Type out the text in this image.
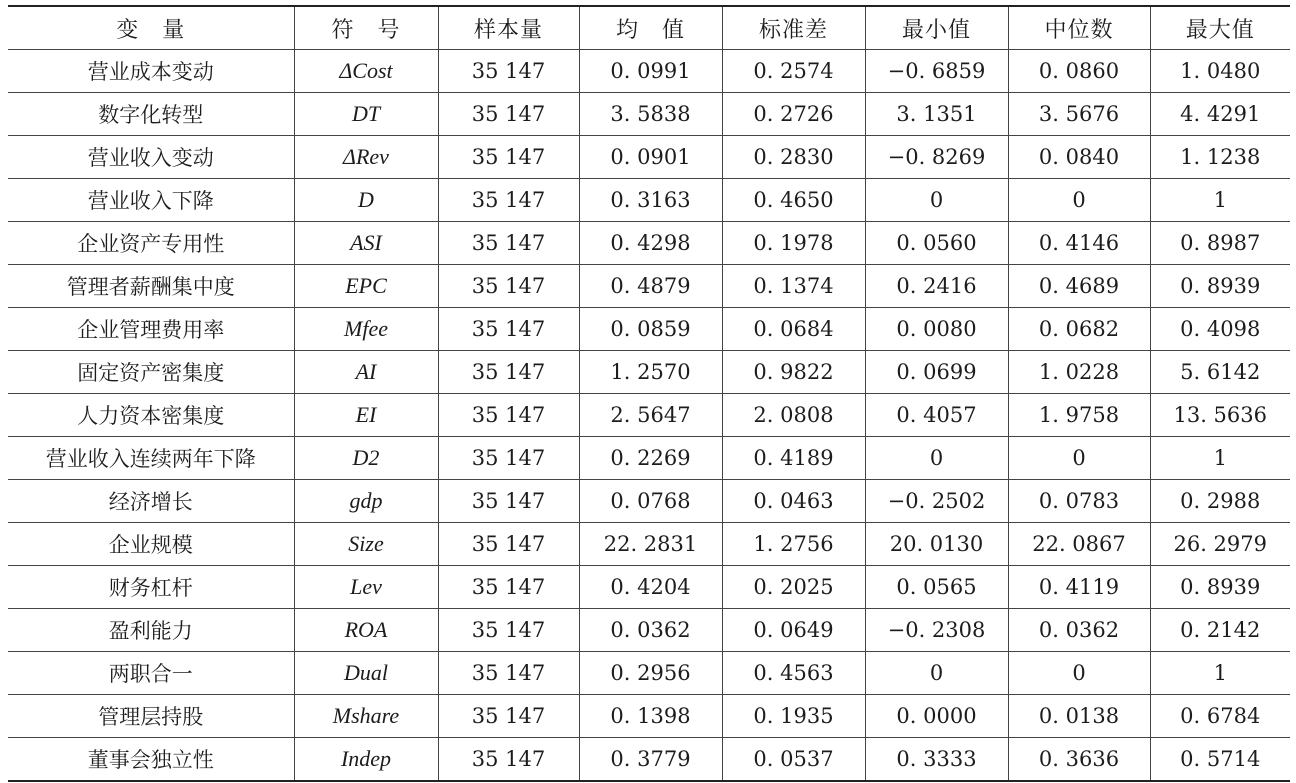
变　量	符　号	样本量	均　值	标准差	最小值	中位数	最大值
营业成本变动	ΔCost	35 147	0. 0991	0. 2574	−0. 6859	0. 0860	1. 0480
数字化转型	DT	35 147	3. 5838	0. 2726	3. 1351	3. 5676	4. 4291
营业收入变动	ΔRev	35 147	0. 0901	0. 2830	−0. 8269	0. 0840	1. 1238
营业收入下降	D	35 147	0. 3163	0. 4650	0	0	1
企业资产专用性	ASI	35 147	0. 4298	0. 1978	0. 0560	0. 4146	0. 8987
管理者薪酬集中度	EPC	35 147	0. 4879	0. 1374	0. 2416	0. 4689	0. 8939
企业管理费用率	Mfee	35 147	0. 0859	0. 0684	0. 0080	0. 0682	0. 4098
固定资产密集度	AI	35 147	1. 2570	0. 9822	0. 0699	1. 0228	5. 6142
人力资本密集度	EI	35 147	2. 5647	2. 0808	0. 4057	1. 9758	13. 5636
营业收入连续两年下降	D2	35 147	0. 2269	0. 4189	0	0	1
经济增长	gdp	35 147	0. 0768	0. 0463	−0. 2502	0. 0783	0. 2988
企业规模	Size	35 147	22. 2831	1. 2756	20. 0130	22. 0867	26. 2979
财务杠杆	Lev	35 147	0. 4204	0. 2025	0. 0565	0. 4119	0. 8939
盈利能力	ROA	35 147	0. 0362	0. 0649	−0. 2308	0. 0362	0. 2142
两职合一	Dual	35 147	0. 2956	0. 4563	0	0	1
管理层持股	Mshare	35 147	0. 1398	0. 1935	0. 0000	0. 0138	0. 6784
董事会独立性	Indep	35 147	0. 3779	0. 0537	0. 3333	0. 3636	0. 5714
